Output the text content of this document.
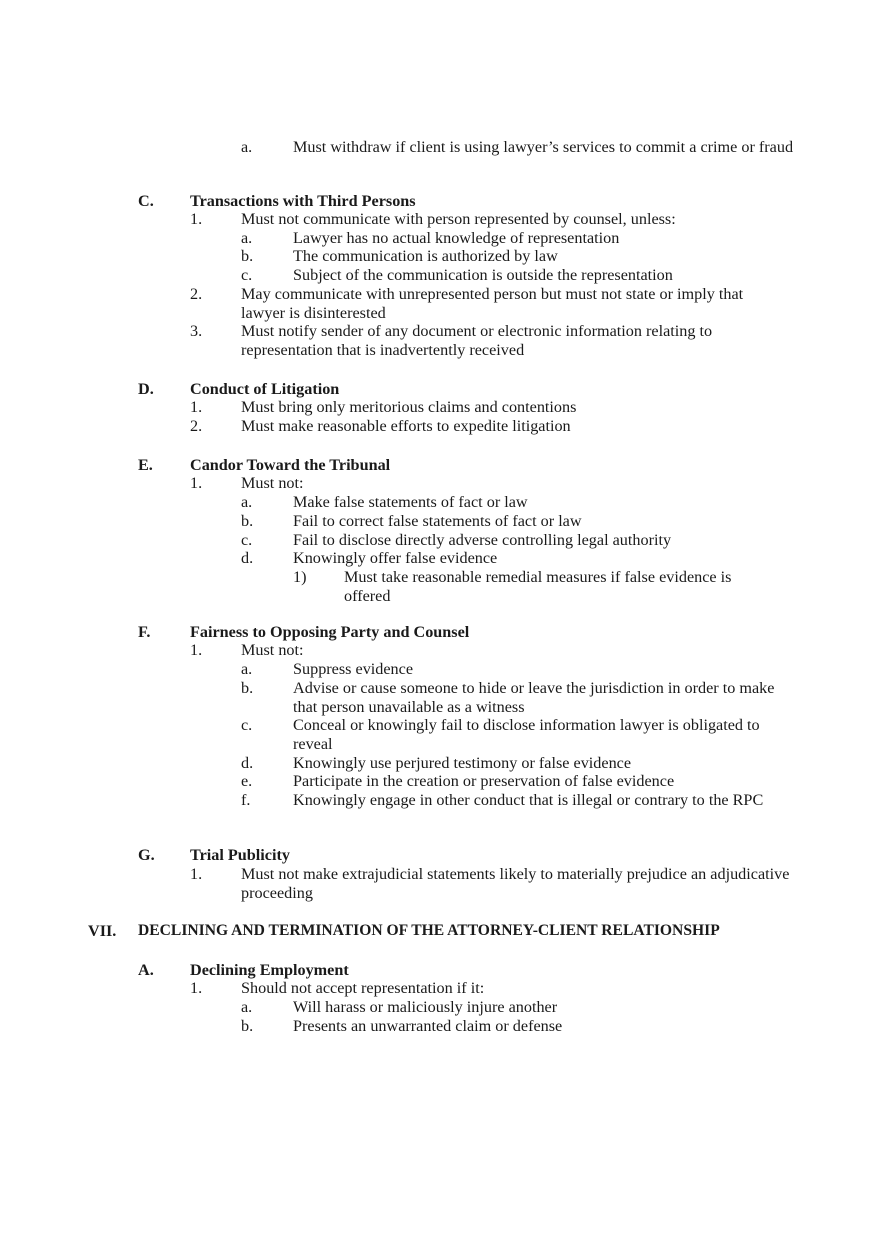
a.	Must withdraw if client is using lawyer’s services to commit a crime or fraud
C. Transactions with Third Persons
1. Must not communicate with person represented by counsel, unless:
a.	Lawyer has no actual knowledge of representation
b. The communication is authorized by law
c.	Subject of the communication is outside the representation
2. May communicate with unrepresented person but must not state or imply that lawyer is disinterested
3. Must notify sender of any document or electronic information relating to representation that is inadvertently received
D. Conduct of Litigation
1. Must bring only meritorious claims and contentions
2. Must make reasonable efforts to expedite litigation
E. Candor Toward the Tribunal
1. Must not:
a.	Make false statements of fact or law
b. Fail to correct false statements of fact or law
c.	Fail to disclose directly adverse controlling legal authority
d. Knowingly offer false evidence
1) Must take reasonable remedial measures if false evidence is offered
F. Fairness to Opposing Party and Counsel
1. Must not:
a.	Suppress evidence
b. Advise or cause someone to hide or leave the jurisdiction in order to make that person unavailable as a witness
c.	Conceal or knowingly fail to disclose information lawyer is obligated to reveal
d. Knowingly use perjured testimony or false evidence
e.	Participate in the creation or preservation of false evidence
f.	Knowingly engage in other conduct that is illegal or contrary to the RPC
G. Trial Publicity
1. Must not make extrajudicial statements likely to materially prejudice an adjudicative proceeding
VII. DECLINING AND TERMINATION OF THE ATTORNEY-CLIENT RELATIONSHIP
A. Declining Employment
1. Should not accept representation if it:
a.	Will harass or maliciously injure another
b. Presents an unwarranted claim or defense
